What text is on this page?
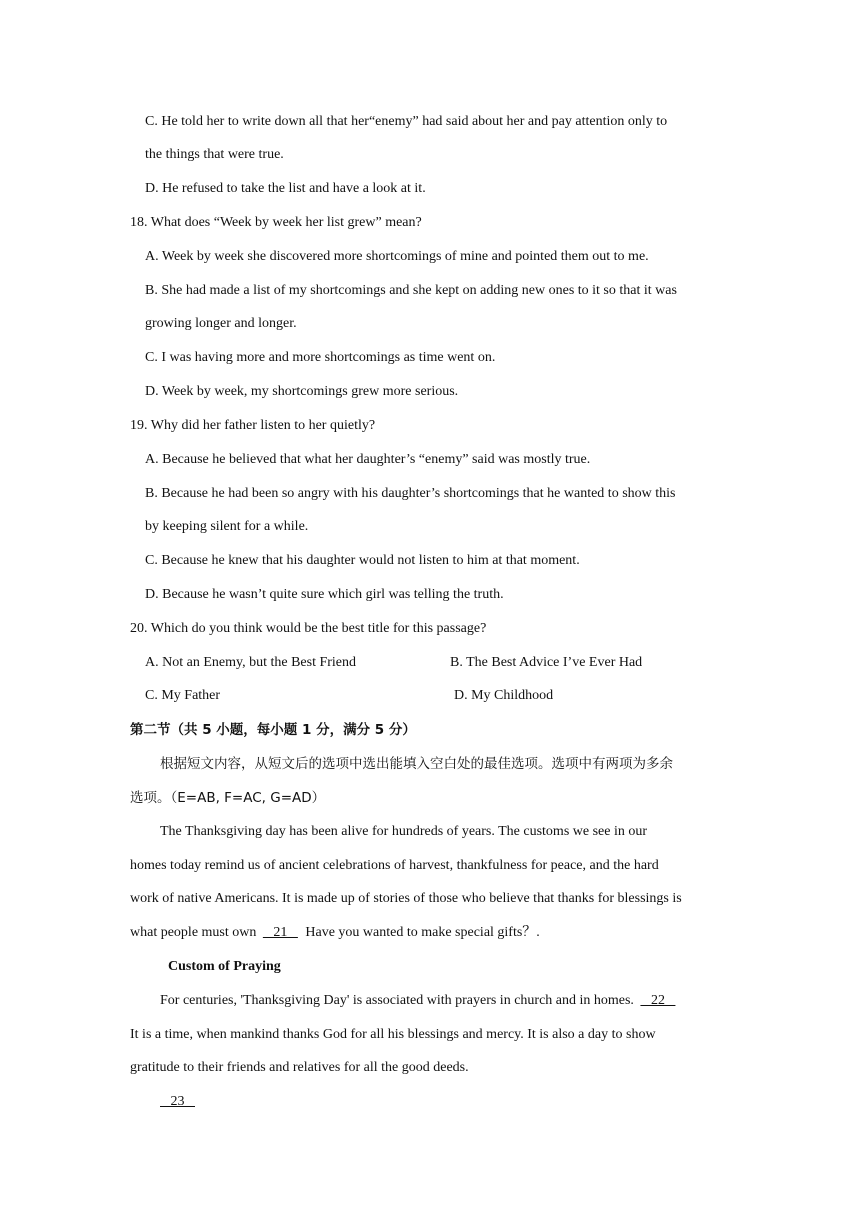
C. He told her to write down all that her“enemy” had said about her and pay attention only to
the things that were true.
D. He refused to take the list and have a look at it.
18. What does “Week by week her list grew” mean?
A. Week by week she discovered more shortcomings of mine and pointed them out to me.
B. She had made a list of my shortcomings and she kept on adding new ones to it so that it was
growing longer and longer.
C. I was having more and more shortcomings as time went on.
D. Week by week, my shortcomings grew more serious.
19. Why did her father listen to her quietly?
A. Because he believed that what her daughter’s “enemy” said was mostly true.
B. Because he had been so angry with his daughter’s shortcomings that he wanted to show this
by keeping silent for a while.
C. Because he knew that his daughter would not listen to him at that moment.
D. Because he wasn’t quite sure which girl was telling the truth.
20. Which do you think would be the best title for this passage?
A. Not an Enemy, but the Best Friend	B. The Best Advice I’ve Ever Had
C. My Father	D. My Childhood
第二节（共 5 小题，每小题 1 分，满分 5 分）
根据短文内容，从短文后的选项中选出能填入空白处的最佳选项。选项中有两项为多余
选项。（E=AB, F=AC, G=AD）
The Thanksgiving day has been alive for hundreds of years. The customs we see in our
homes today remind us of ancient celebrations of harvest, thankfulness for peace, and the hard
work of native Americans. It is made up of stories of those who believe that thanks for blessings is
what people must own    21    Have you wanted to make special gifts？.
Custom of Praying
For centuries, 'Thanksgiving Day' is associated with prayers in church and in homes.    22
It is a time, when mankind thanks God for all his blessings and mercy. It is also a day to show
gratitude to their friends and relatives for all the good deeds.
23
